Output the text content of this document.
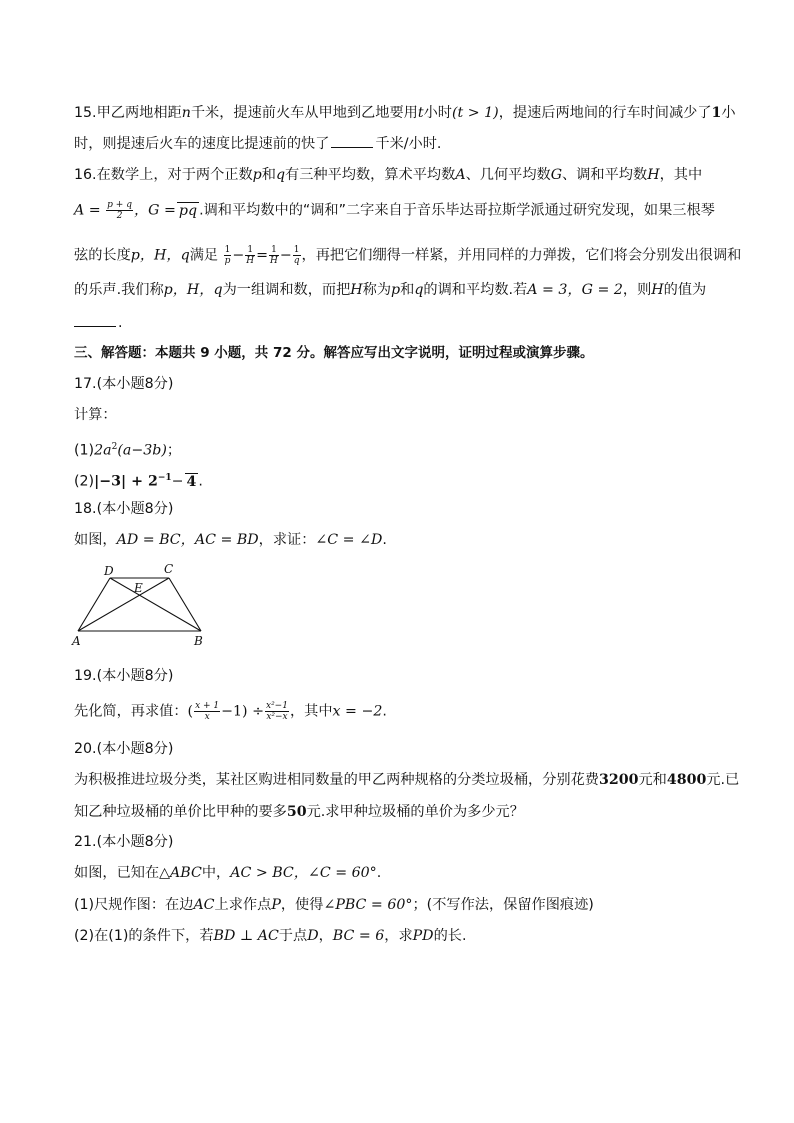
15.甲乙两地相距n千米，提速前火车从甲地到乙地要用t小时(t > 1)，提速后两地间的行车时间减少了1小
时，则提速后火车的速度比提速前的快了	千米/小时.
16.在数学上，对于两个正数p和q有三种平均数，算术平均数A、几何平均数G、调和平均数H，其中
$A = \frac{p + q}{2}$ ，G = pq .调和平均数中的“调和”二字来自于音乐毕达哥拉斯学派通过研究发现，如果三根琴
弦的长度p，H，q满足 $\frac{1}{p} - \frac{1}{H} = \frac{1}{H} - \frac{1}{q}$ ，再把它们绷得一样紧，并用同样的力弹拨，它们将会分别发出很调和
的乐声.我们称p，H，q为一组调和数，而把H称为p和q的调和平均数.若A = 3，G = 2，则H的值为
.
三、解答题：本题共 9 小题，共 72 分。解答应写出文字说明，证明过程或演算步骤。
17.(本小题8分)
计算：
$(1)2a^2(a-3b)$；
$(2)|-3| + 2^{-1}- 4$ .
18.(本小题8分)
如图，AD = BC，AC = BD，求证：∠C = ∠D.
D	C
E
A	B
19.(本小题8分)
先化简，再求值：( $\frac{x + 1}{x} -1) \div \frac{\text{x²−1}}{\text{x²−x}}$ ，其中x = −2.
20.(本小题8分)
为积极推进垃圾分类，某社区购进相同数量的甲乙两种规格的分类垃圾桶，分别花费3200元和4800元.已
知乙种垃圾桶的单价比甲种的要多50元.求甲种垃圾桶的单价为多少元？
21.(本小题8分)
如图，已知在△ABC中，AC > BC，∠C = 60°.
(1)尺规作图：在边AC上求作点P，使得∠PBC = 60°；(不写作法，保留作图痕迹)
(2)在(1)的条件下，若BD ⊥ AC于点D，BC = 6，求PD的长.
